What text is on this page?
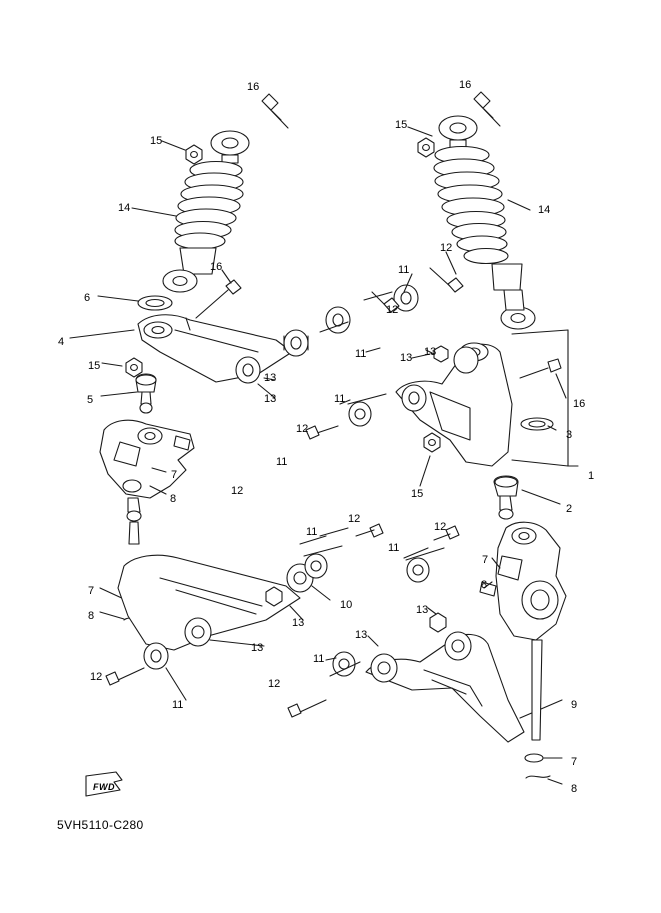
FWD
5VH5110-C280
16	16
15
15
14	14
16
12
11
12
6
4
11	13 13
15
13
13	16
11
5
12	3
11
1
15
7
12
8
2
12
11	12
11
7
8
10
13
13
7
8
13
13
12
11
12
11	9
7
8
